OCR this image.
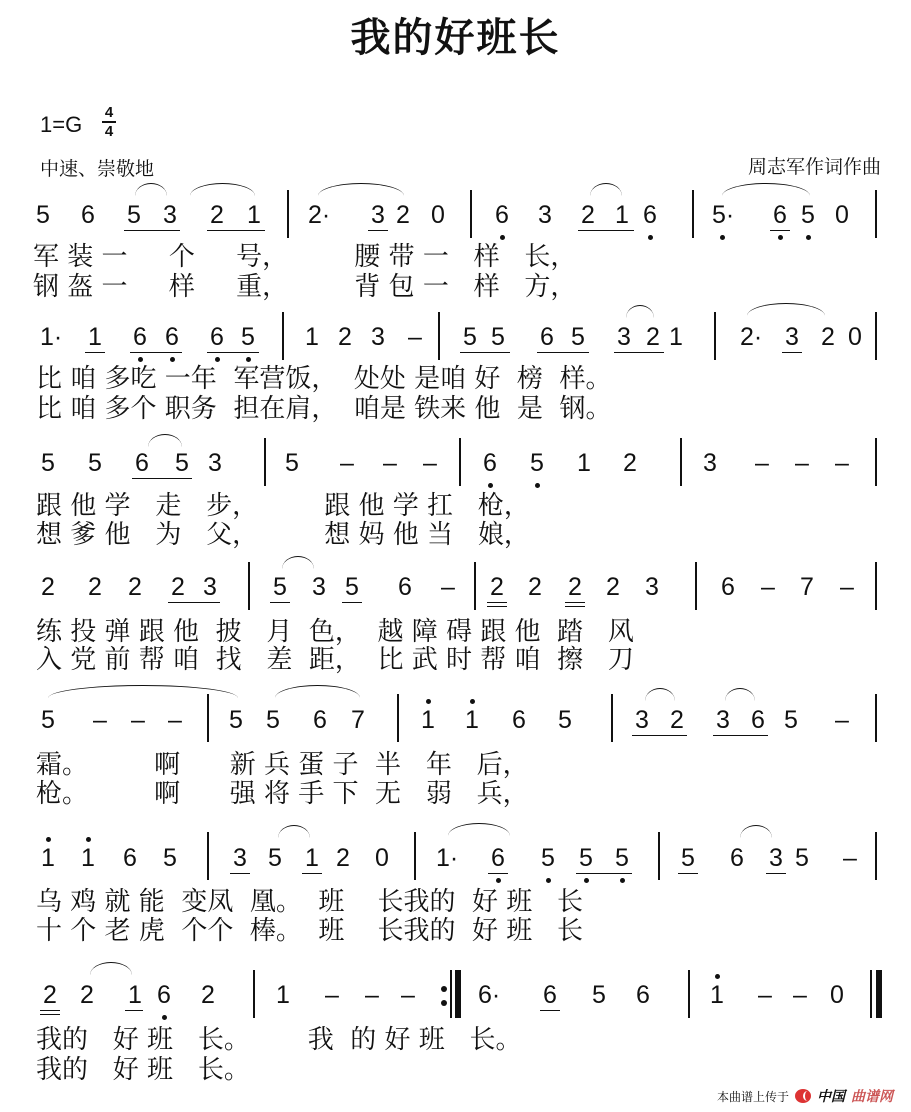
我的好班长
1=G	4
4
中速、崇敬地	周志军作词作曲
5 6 5 3 2 1 2· 3 2 0 6 3 2 1 6 5· 6 5 0
军 装 一     个     号，        腰 带 一   样   长，
钢 盔 一     样     重，        背 包 一   样   方，
1· 1 6 6 6 5 1 2 3 – 5 5 6 5 3 2 1 2· 3 2 0
比 咱 多吃 一年  军营饭，  处处 是咱 好  榜  样。
比 咱 多个 职务  担在肩，  咱是 铁来 他  是  钢。
5 5 6 5 3	5 – – – 6 5 1 2	3 – – –
跟 他 学   走   步，        跟 他 学 扛   枪，
想 爹 他   为   父，        想 妈 他 当   娘，
2 2 2 2 3 5 3 5 6 – 2 2 2 2 3 6 – 7 –
练 投 弹 跟 他  披   月  色，  越 障 碍 跟 他  踏   风
入 党 前 帮 咱  找   差  距，  比 武 时 帮 咱  擦   刀
5 – – – 5 5 6 7 1 1 6 5	3 2 3 6 5 –
霜。        啊      新 兵 蛋 子  半   年   后，
枪。        啊      强 将 手 下  无   弱   兵，
1 1 6 5 3 5 1 2 0 1· 6 5 5 5 5 6 3 5 –
乌 鸡 就 能  变凤  凰。  班    长我的  好 班   长
十 个 老 虎  个个  棒。  班    长我的  好 班   长
2 2 1 6 2 1 – – –	6· 6 5 6 1 – – 0
我的   好 班   长。       我  的 好 班   长。
我的   好 班   长。
本曲谱上传于 中国 曲谱网
